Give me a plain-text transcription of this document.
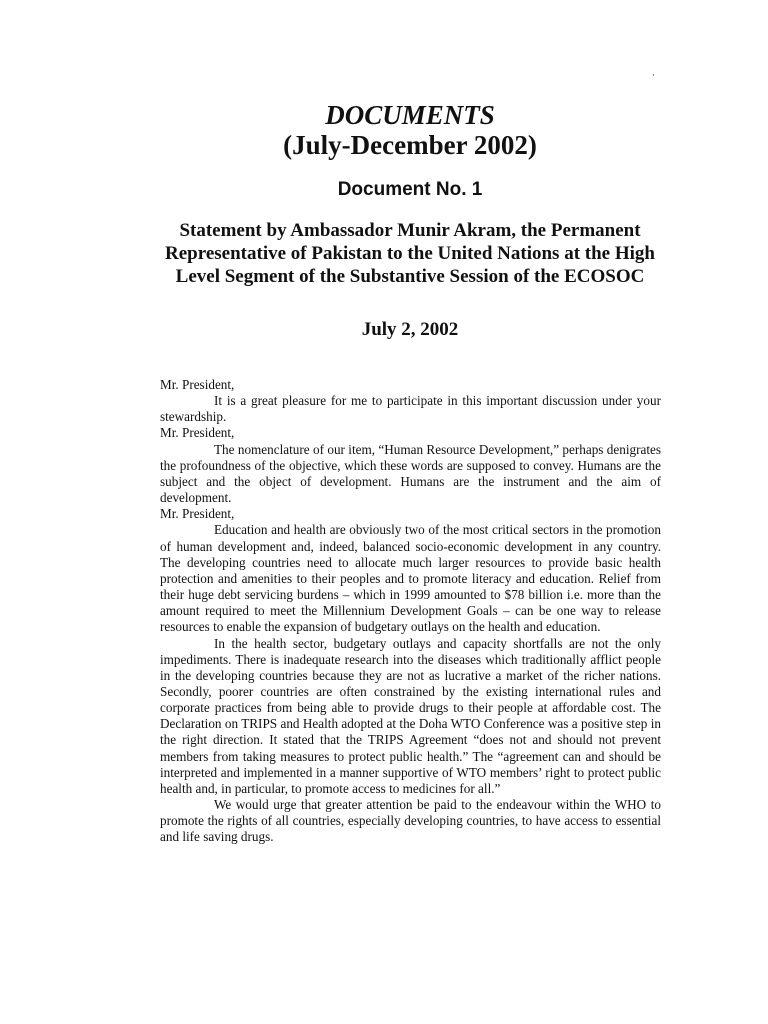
·
DOCUMENTS
(July-December 2002)
Document No. 1
Statement by Ambassador Munir Akram, the Permanent Representative of Pakistan to the United Nations at the High Level Segment of the Substantive Session of the ECOSOC
July 2, 2002

Mr. President,

It is a great pleasure for me to participate in this important discussion under your stewardship.

Mr. President,

The nomenclature of our item, “Human Resource Development,” perhaps denigrates the profoundness of the objective, which these words are supposed to convey. Humans are the subject and the object of development. Humans are the instrument and the aim of development.

Mr. President,

Education and health are obviously two of the most critical sectors in the promotion of human development and, indeed, balanced socio-economic development in any country. The developing countries need to allocate much larger resources to provide basic health protection and amenities to their peoples and to promote literacy and education. Relief from their huge debt servicing burdens – which in 1999 amounted to $78 billion i.e. more than the amount required to meet the Millennium Development Goals – can be one way to release resources to enable the expansion of budgetary outlays on the health and education.

In the health sector, budgetary outlays and capacity shortfalls are not the only impediments. There is inadequate research into the diseases which traditionally afflict people in the developing countries because they are not as lucrative a market of the richer nations. Secondly, poorer countries are often constrained by the existing international rules and corporate practices from being able to provide drugs to their people at affordable cost. The Declaration on TRIPS and Health adopted at the Doha WTO Conference was a positive step in the right direction. It stated that the TRIPS Agreement “does not and should not prevent members from taking measures to protect public health.” The “agreement can and should be interpreted and implemented in a manner supportive of WTO members’ right to protect public health and, in particular, to promote access to medicines for all.”

We would urge that greater attention be paid to the endeavour within the WHO to promote the rights of all countries, especially developing countries, to have access to essential and life saving drugs.
